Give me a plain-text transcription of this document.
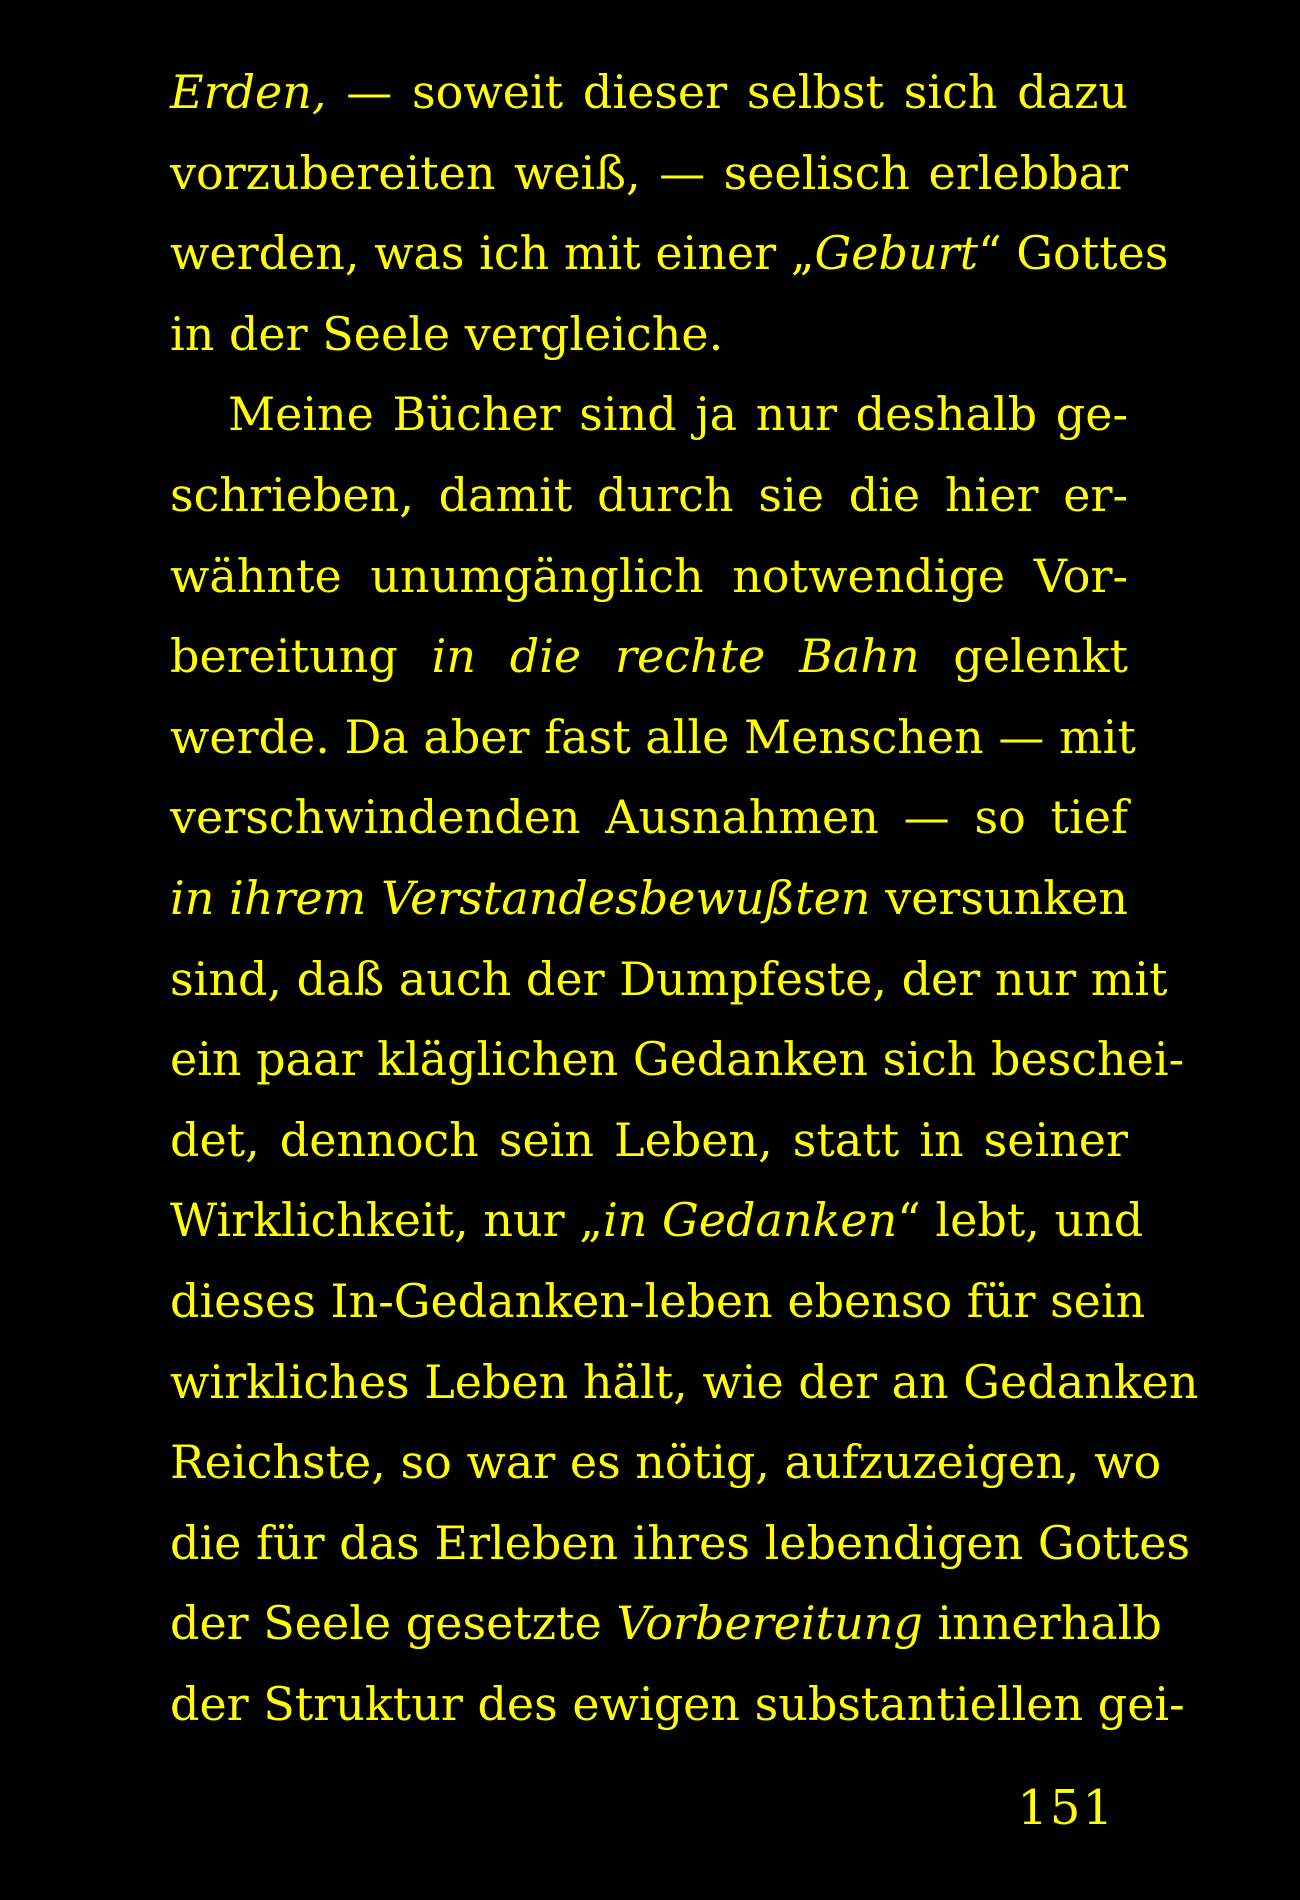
Erden, — soweit dieser selbst sich dazu
vorzubereiten weiß, — seelisch erlebbar
werden, was ich mit einer „Geburt“ Gottes
in der Seele vergleiche.
Meine Bücher sind ja nur deshalb ge-
schrieben, damit durch sie die hier er-
wähnte unumgänglich notwendige Vor-
bereitung in die rechte Bahn gelenkt
werde. Da aber fast alle Menschen — mit
verschwindenden Ausnahmen — so tief
in ihrem Verstandesbewußten versunken
sind, daß auch der Dumpfeste, der nur mit
ein paar kläglichen Gedanken sich beschei-
det, dennoch sein Leben, statt in seiner
Wirklichkeit, nur „in Gedanken“ lebt, und
dieses In-Gedanken-leben ebenso für sein
wirkliches Leben hält, wie der an Gedanken
Reichste, so war es nötig, aufzuzeigen, wo
die für das Erleben ihres lebendigen Gottes
der Seele gesetzte Vorbereitung innerhalb
der Struktur des ewigen substantiellen gei-
151
